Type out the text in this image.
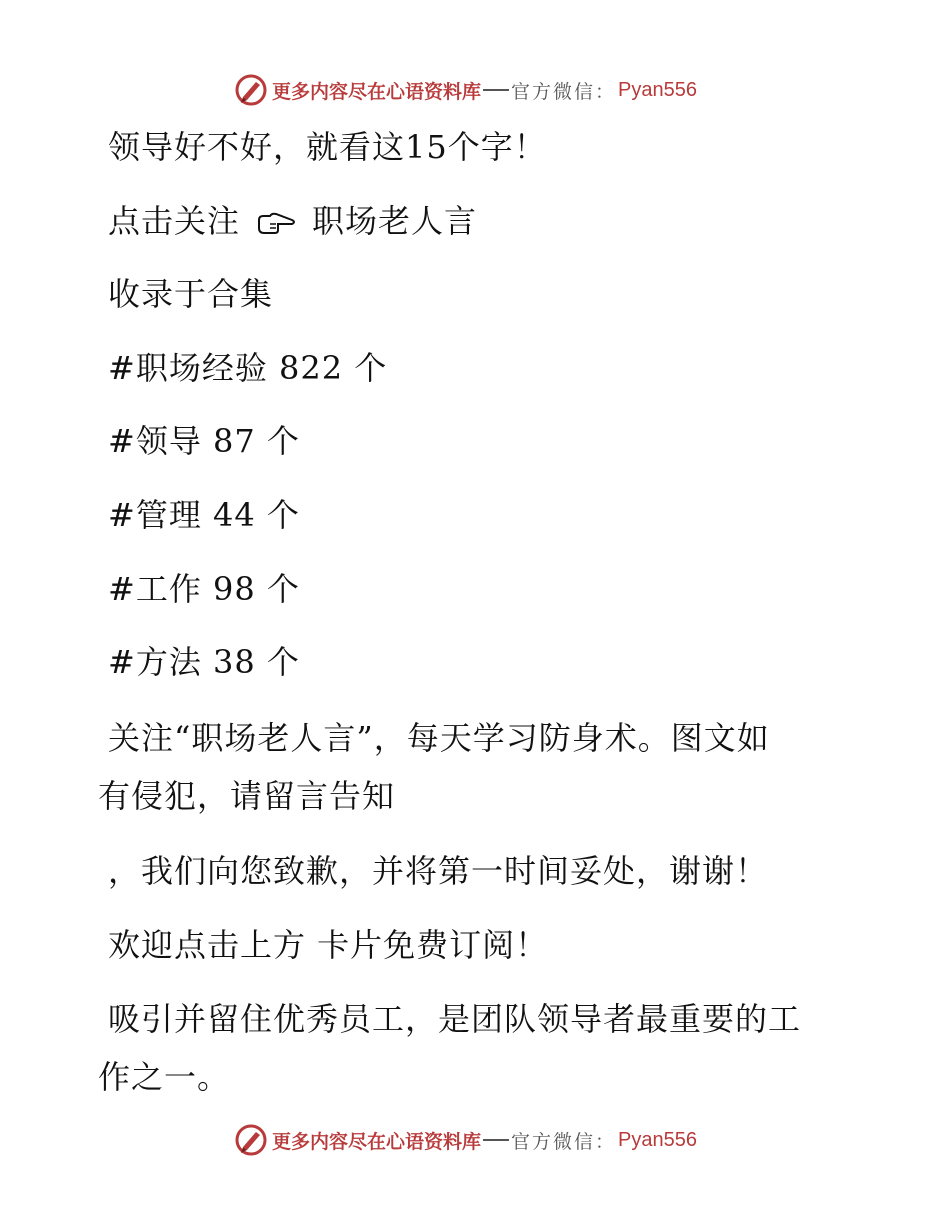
更多内容尽在心语资料库 官方微信： Pyan556
领导好不好，就看这15个字！
点击关注 职场老人言
收录于合集
#职场经验 822 个
#领导 87 个
#管理 44 个
#工作 98 个
#方法 38 个
关注“职场老人言”，每天学习防身术。图文如
有侵犯，请留言告知
，我们向您致歉，并将第一时间妥处，谢谢！
欢迎点击上方 卡片免费订阅！
吸引并留住优秀员工，是团队领导者最重要的工
作之一。
更多内容尽在心语资料库 官方微信： Pyan556
